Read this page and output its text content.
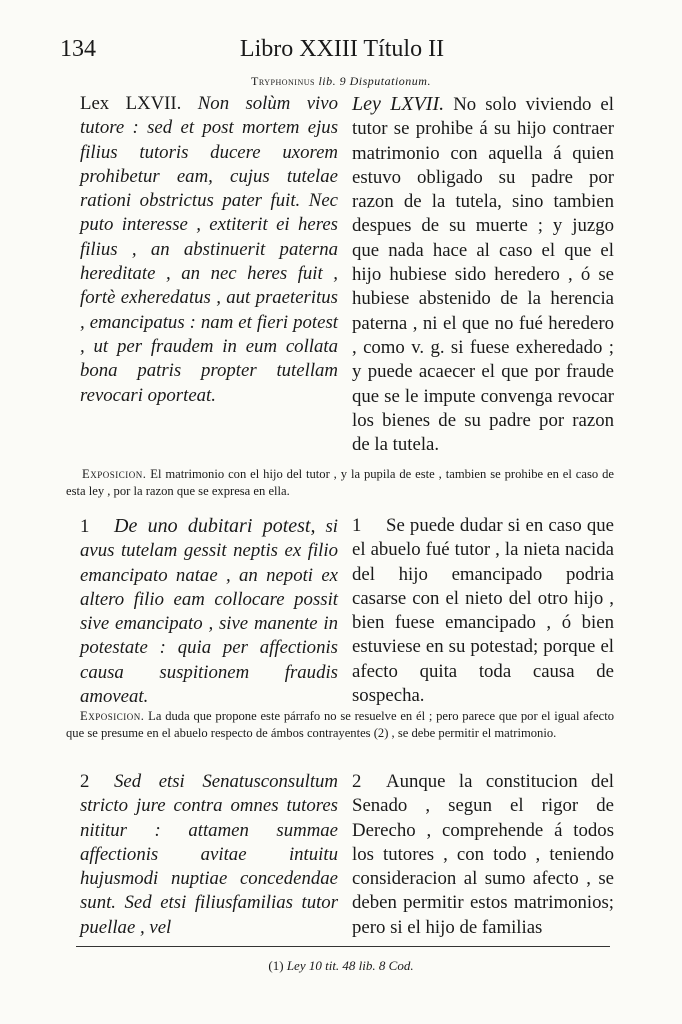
134	Libro XXIII Título II
Tryphoninus lib. 9 Disputationum.
Lex LXVII. Non solùm vivo tutore : sed et post mortem ejus filius tutoris ducere uxorem prohibetur eam, cujus tutelae rationi obstrictus pater fuit. Nec puto interesse , extiterit ei heres filius , an abstinuerit paterna hereditate , an nec heres fuit , fortè exheredatus , aut praeteritus , emancipatus : nam et fieri potest , ut per fraudem in eum collata bona patris propter tutellam revocari oporteat.
Ley LXVII. No solo viviendo el tutor se prohibe á su hijo contraer matrimonio con aquella á quien estuvo obligado su padre por razon de la tutela, sino tambien despues de su muerte ; y juzgo que nada hace al caso el que el hijo hubiese sido heredero , ó se hubiese abstenido de la herencia paterna , ni el que no fué heredero , como v. g. si fuese exheredado ; y puede acaecer el que por fraude que se le impute convenga revocar los bienes de su padre por razon de la tutela.
Exposicion. El matrimonio con el hijo del tutor , y la pupila de este , tambien se prohibe en el caso de esta ley , por la razon que se expresa en ella.
1 De uno dubitari potest, si avus tutelam gessit neptis ex filio emancipato natae , an nepoti ex altero filio eam collocare possit sive emancipato , sive manente in potestate : quia per affectionis causa suspitionem fraudis amoveat.
1 Se puede dudar si en caso que el abuelo fué tutor , la nieta nacida del hijo emancipado podria casarse con el nieto del otro hijo , bien fuese emancipado , ó bien estuviese en su potestad; porque el afecto quita toda causa de sospecha.
Exposicion. La duda que propone este párrafo no se resuelve en él ; pero parece que por el igual afecto que se presume en el abuelo respecto de ámbos contrayentes (2) , se debe permitir el matrimonio.
2 Sed etsi Senatusconsultum stricto jure contra omnes tutores nititur : attamen summae affectionis avitae intuitu hujusmodi nuptiae concedendae sunt. Sed etsi filiusfamilias tutor puellae , vel
2 Aunque la constitucion del Senado , segun el rigor de Derecho , comprehende á todos los tutores , con todo , teniendo consideracion al sumo afecto , se deben permitir estos matrimonios; pero si el hijo de familias
(1) Ley 10 tit. 48 lib. 8 Cod.
